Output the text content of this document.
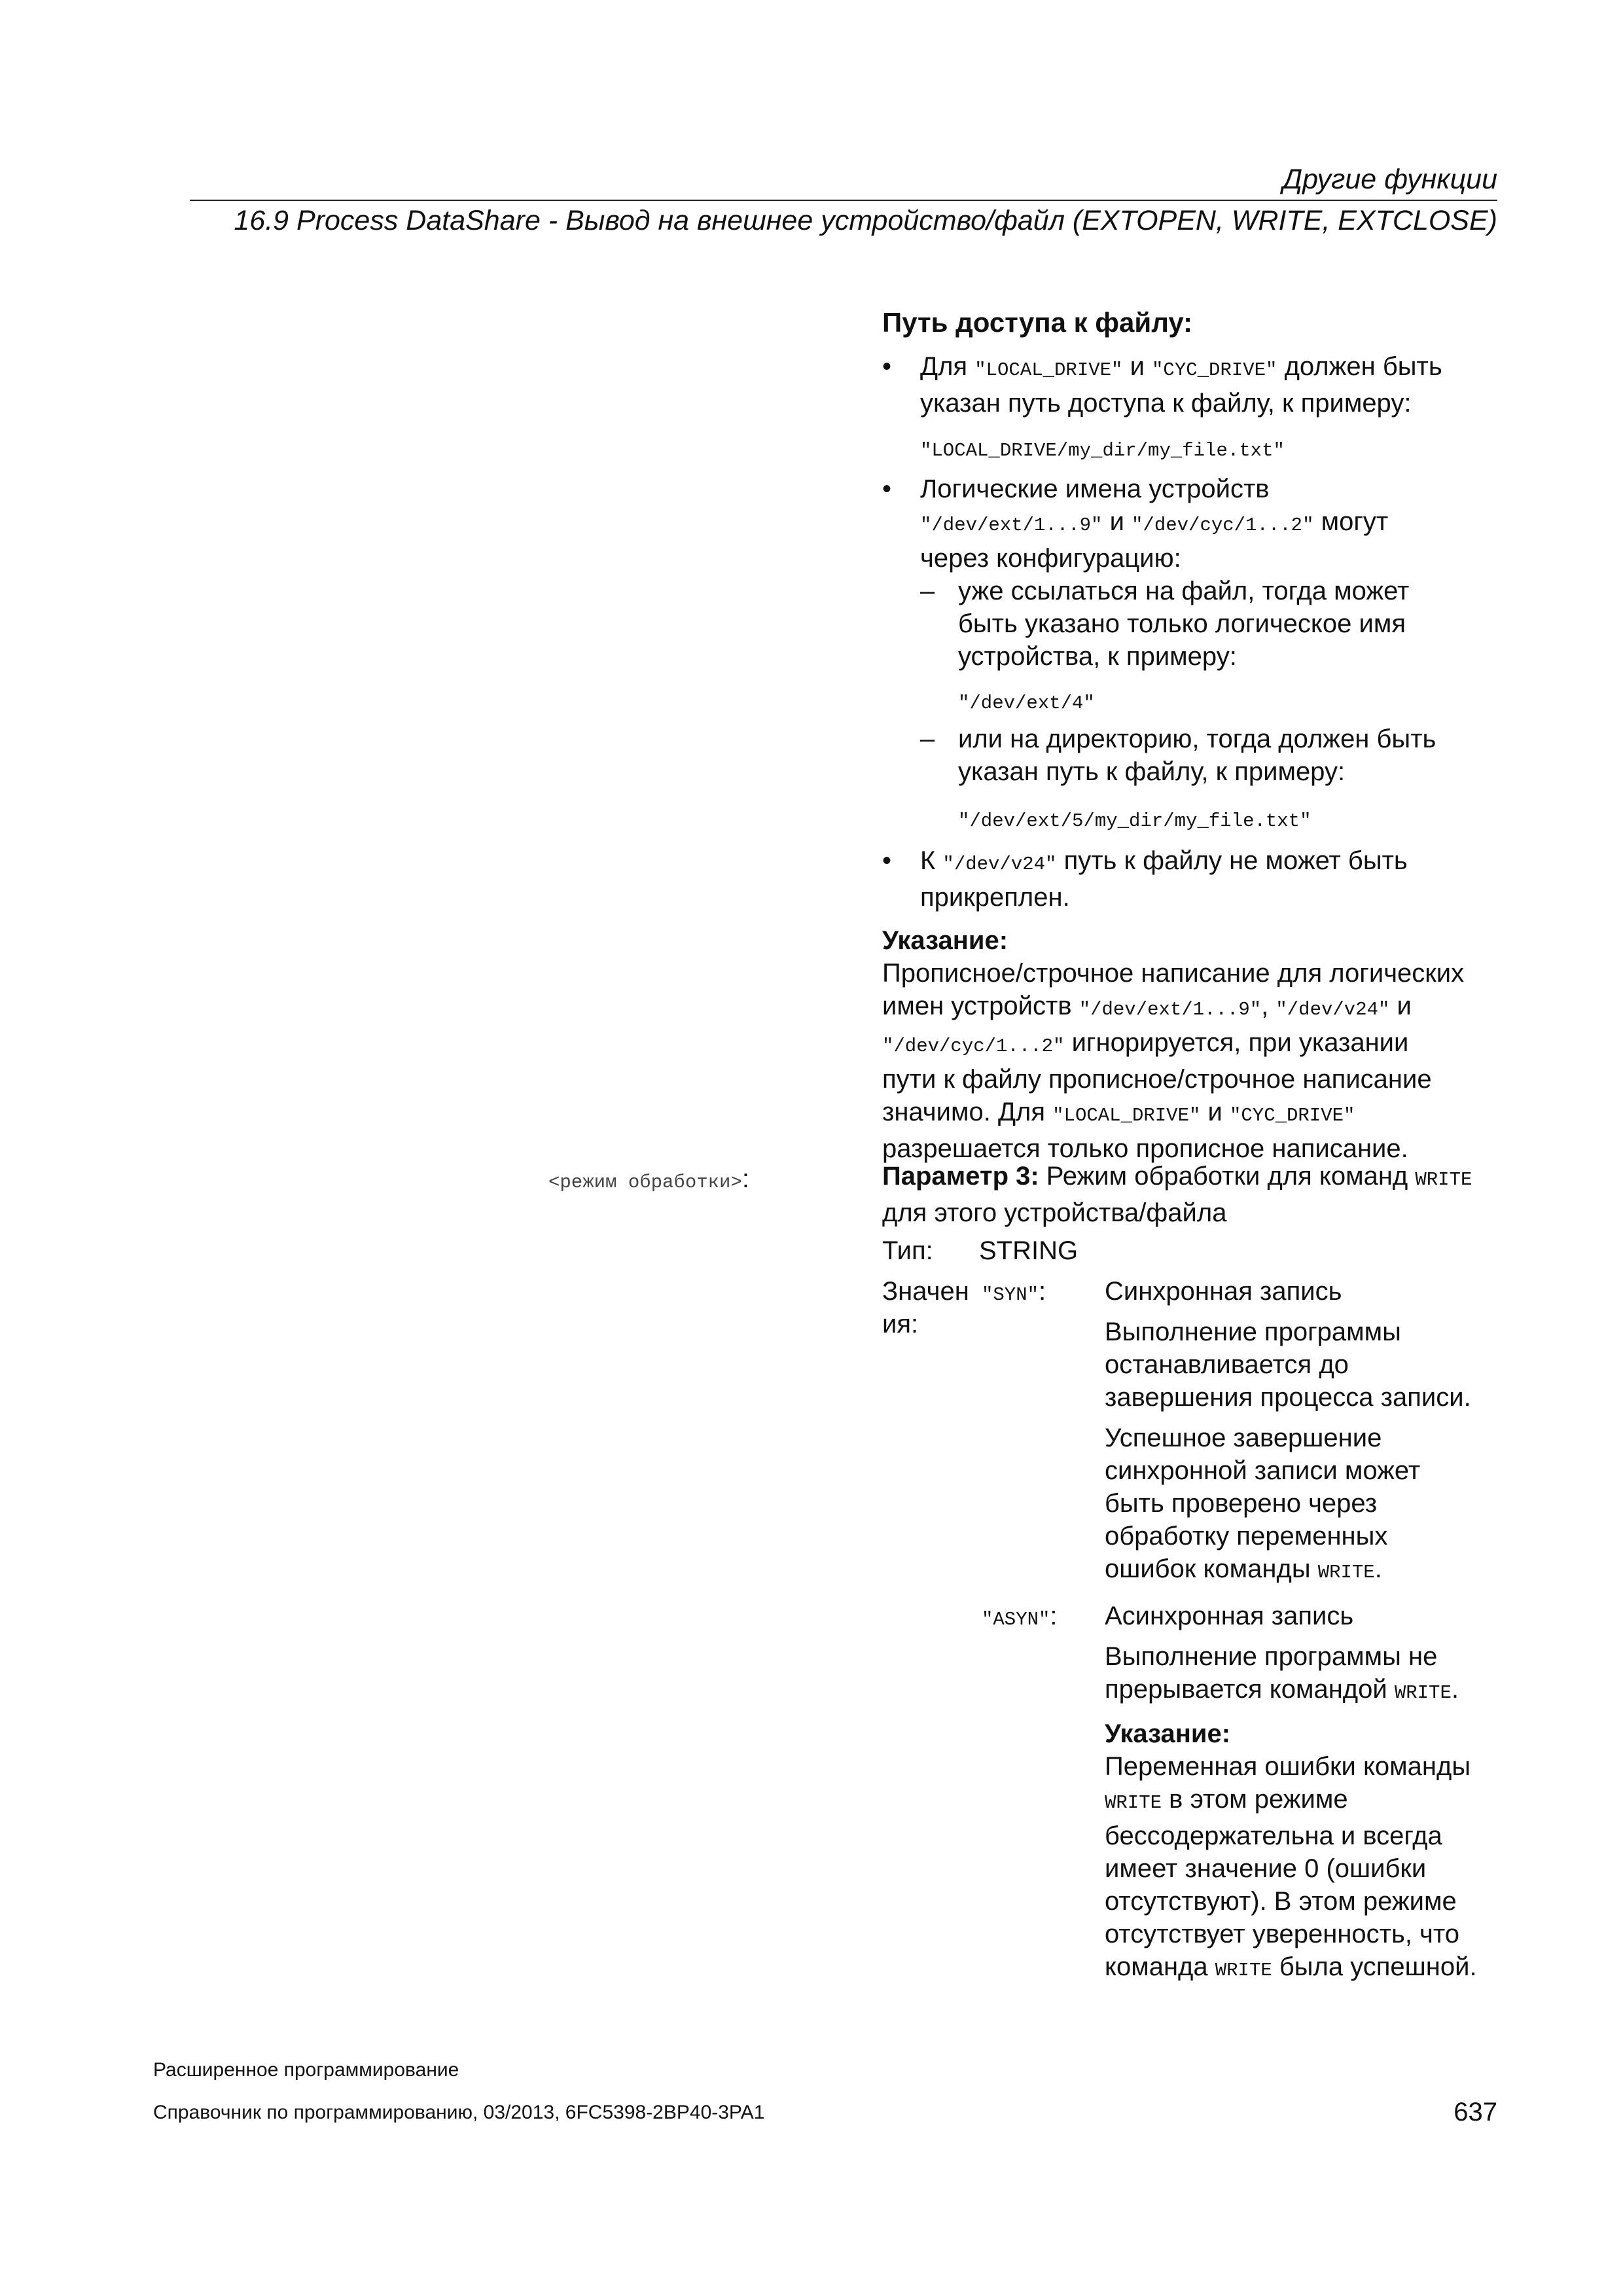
Другие функции
16.9 Process DataShare - Вывод на внешнее устройство/файл (EXTOPEN, WRITE, EXTCLOSE)
Путь доступа к файлу:
• Для "LOCAL_DRIVE" и "CYC_DRIVE" должен быть
указан путь доступа к файлу, к примеру:
"LOCAL_DRIVE/my_dir/my_file.txt"
• Логические имена устройств
"/dev/ext/1...9" и "/dev/cyc/1...2" могут
через конфигурацию:
– уже ссылаться на файл, тогда может
быть указано только логическое имя
устройства, к примеру:
"/dev/ext/4"
– или на директорию, тогда должен быть
указан путь к файлу, к примеру:
"/dev/ext/5/my_dir/my_file.txt"
• К "/dev/v24" путь к файлу не может быть
прикреплен.
Указание:
Прописное/строчное написание для логических
имен устройств "/dev/ext/1...9", "/dev/v24" и
"/dev/cyc/1...2" игнорируется, при указании
пути к файлу прописное/строчное написание
значимо. Для "LOCAL_DRIVE" и "CYC_DRIVE"
разрешается только прописное написание.
<режим обработки>:	Параметр 3: Режим обработки для команд WRITE
для этого устройства/файла
Тип: STRING
Значен
ия:
"SYN": Синхронная запись
Выполнение программы
останавливается до
завершения процесса записи.
Успешное завершение
синхронной записи может
быть проверено через
обработку переменных
ошибок команды WRITE.
"ASYN": Асинхронная запись
Выполнение программы не
прерывается командой WRITE.
Указание:
Переменная ошибки команды
WRITE в этом режиме
бессодержательна и всегда
имеет значение 0 (ошибки
отсутствуют). В этом режиме
отсутствует уверенность, что
команда WRITE была успешной.
Расширенное программирование
Справочник по программированию, 03/2013, 6FC5398-2BP40-3PA1	637
